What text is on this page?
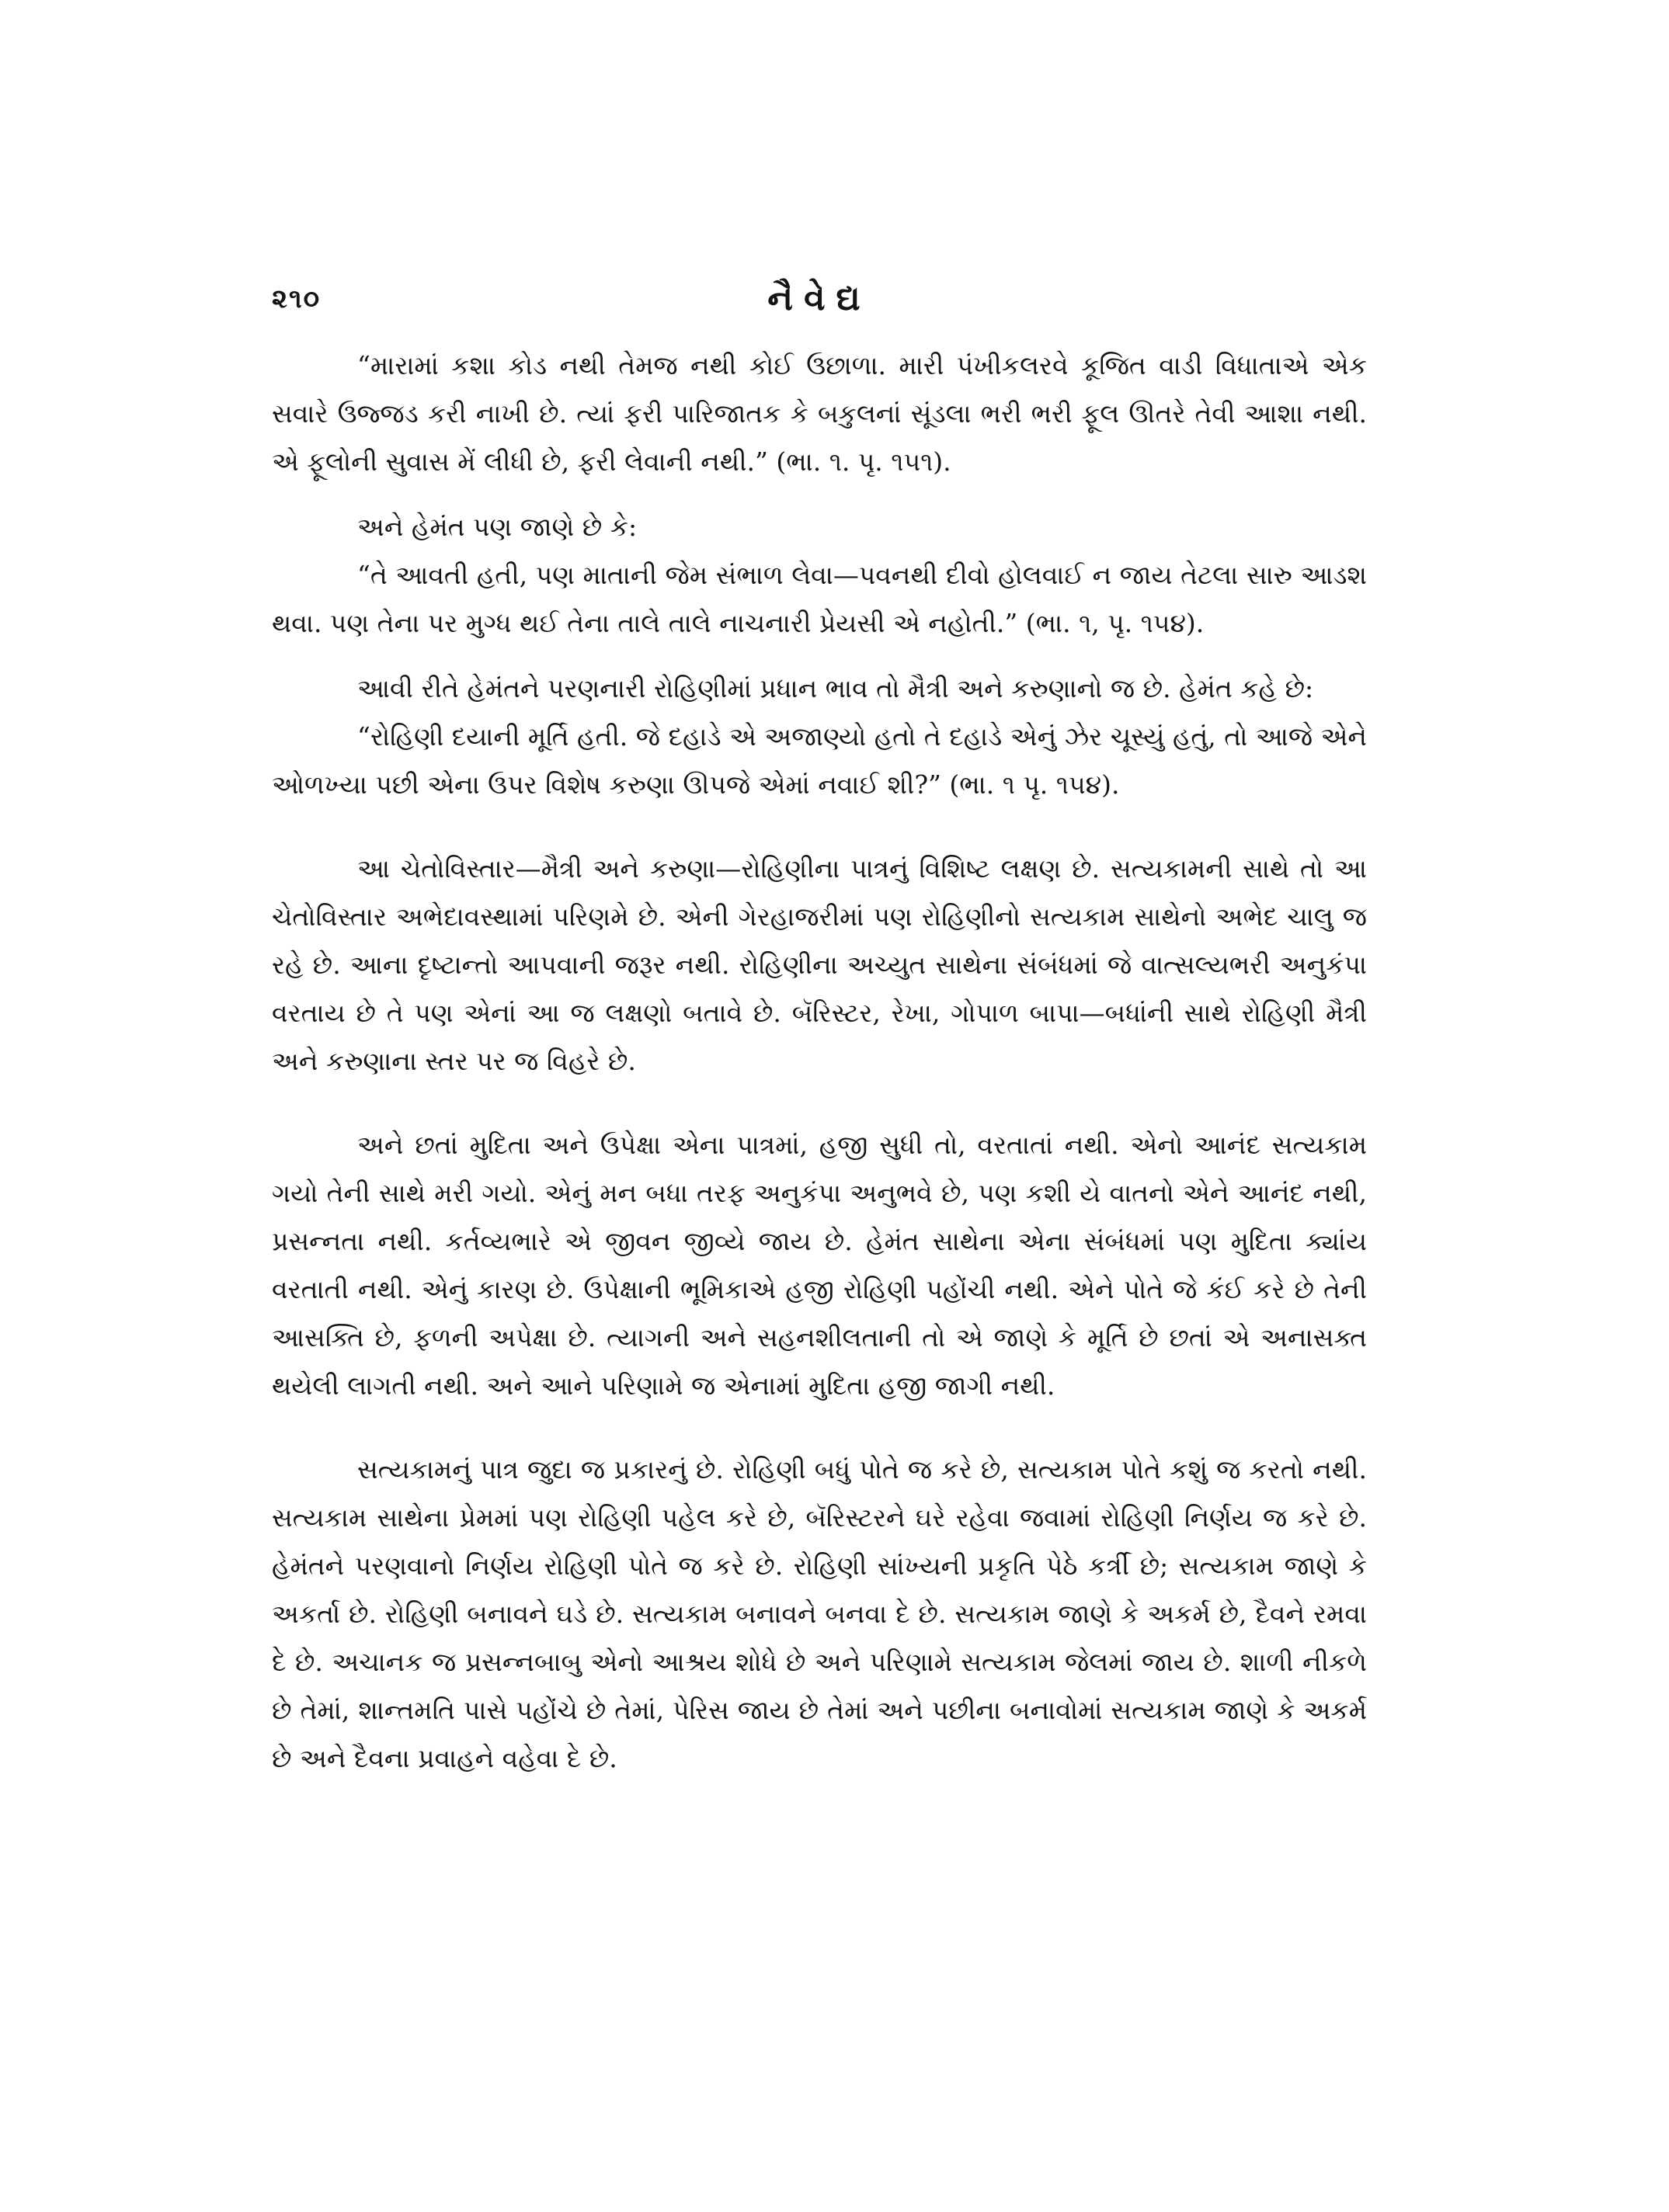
૨૧૦	નૈવેદ્ય

“મારામાં કશા કોડ નથી તેમજ નથી કોઈ ઉછાળા. મારી પંખીકલરવે કૂજિત વાડી વિધાતાએ એક સવારે ઉજ્જડ કરી નાખી છે. ત્યાં ફરી પારિજાતક કે બકુલનાં સૂંડલા ભરી ભરી ફૂલ ઊતરે તેવી આશા નથી. એ ફૂલોની સુવાસ મેં લીધી છે, ફરી લેવાની નથી.” (ભા. ૧. પૃ. ૧૫૧).

અને હેમંત પણ જાણે છે કે:

“તે આવતી હતી, પણ માતાની જેમ સંભાળ લેવા—પવનથી દીવો હોલવાઈ ન જાય તેટલા સારુ આડશ થવા. પણ તેના પર મુગ્ધ થઈ તેના તાલે તાલે નાચનારી પ્રેયસી એ નહોતી.” (ભા. ૧, પૃ. ૧૫૪).

આવી રીતે હેમંતને પરણનારી રોહિણીમાં પ્રધાન ભાવ તો મૈત્રી અને કરુણાનો જ છે. હેમંત કહે છે:

“રોહિણી દયાની મૂર્તિ હતી. જે દહાડે એ અજાણ્યો હતો તે દહાડે એનું ઝેર ચૂસ્યું હતું, તો આજે એને ઓળખ્યા પછી એના ઉપર વિશેષ કરુણા ઊપજે એમાં નવાઈ શી?” (ભા. ૧ પૃ. ૧૫૪).

આ ચેતોવિસ્તાર—મૈત્રી અને કરુણા—રોહિણીના પાત્રનું વિશિષ્ટ લક્ષણ છે. સત્યકામની સાથે તો આ ચેતોવિસ્તાર અભેદાવસ્થામાં પરિણમે છે. એની ગેરહાજરીમાં પણ રોહિણીનો સત્યકામ સાથેનો અભેદ ચાલુ જ રહે છે. આના દૃષ્ટાન્તો આપવાની જરૂર નથી. રોહિણીના અચ્યુત સાથેના સંબંધમાં જે વાત્સલ્યભરી અનુકંપા વરતાય છે તે પણ એનાં આ જ લક્ષણો બતાવે છે. બૅરિસ્ટર, રેખા, ગોપાળ બાપા—બધાંની સાથે રોહિણી મૈત્રી અને કરુણાના સ્તર પર જ વિહરે છે.

અને છતાં મુદિતા અને ઉપેક્ષા એના પાત્રમાં, હજી સુધી તો, વરતાતાં નથી. એનો આનંદ સત્યકામ ગયો તેની સાથે મરી ગયો. એનું મન બધા તરફ અનુકંપા અનુભવે છે, પણ કશી યે વાતનો એને આનંદ નથી, પ્રસન્નતા નથી. કર્તવ્યભારે એ જીવન જીવ્યે જાય છે. હેમંત સાથેના એના સંબંધમાં પણ મુદિતા ક્યાંય વરતાતી નથી. એનું કારણ છે. ઉપેક્ષાની ભૂમિકાએ હજી રોહિણી પહોંચી નથી. એને પોતે જે કંઈ કરે છે તેની આસક્તિ છે, ફળની અપેક્ષા છે. ત્યાગની અને સહનશીલતાની તો એ જાણે કે મૂર્તિ છે છતાં એ અનાસક્ત થયેલી લાગતી નથી. અને આને પરિણામે જ એનામાં મુદિતા હજી જાગી નથી.

સત્યકામનું પાત્ર જુદા જ પ્રકારનું છે. રોહિણી બધું પોતે જ કરે છે, સત્યકામ પોતે કશું જ કરતો નથી. સત્યકામ સાથેના પ્રેમમાં પણ રોહિણી પહેલ કરે છે, બૅરિસ્ટરને ઘરે રહેવા જવામાં રોહિણી નિર્ણય જ કરે છે. હેમંતને પરણવાનો નિર્ણય રોહિણી પોતે જ કરે છે. રોહિણી સાંખ્યની પ્રકૃતિ પેઠે કર્ત્રી છે; સત્યકામ જાણે કે અકર્તા છે. રોહિણી બનાવને ઘડે છે. સત્યકામ બનાવને બનવા દે છે. સત્યકામ જાણે કે અકર્મ છે, દૈવને રમવા દે છે. અચાનક જ પ્રસન્નબાબુ એનો આશ્રય શોધે છે અને પરિણામે સત્યકામ જેલમાં જાય છે. શાળી નીકળે છે તેમાં, શાન્તમતિ પાસે પહોંચે છે તેમાં, પેરિસ જાય છે તેમાં અને પછીના બનાવોમાં સત્યકામ જાણે કે અકર્મ છે અને દૈવના પ્રવાહને વહેવા દે છે.
